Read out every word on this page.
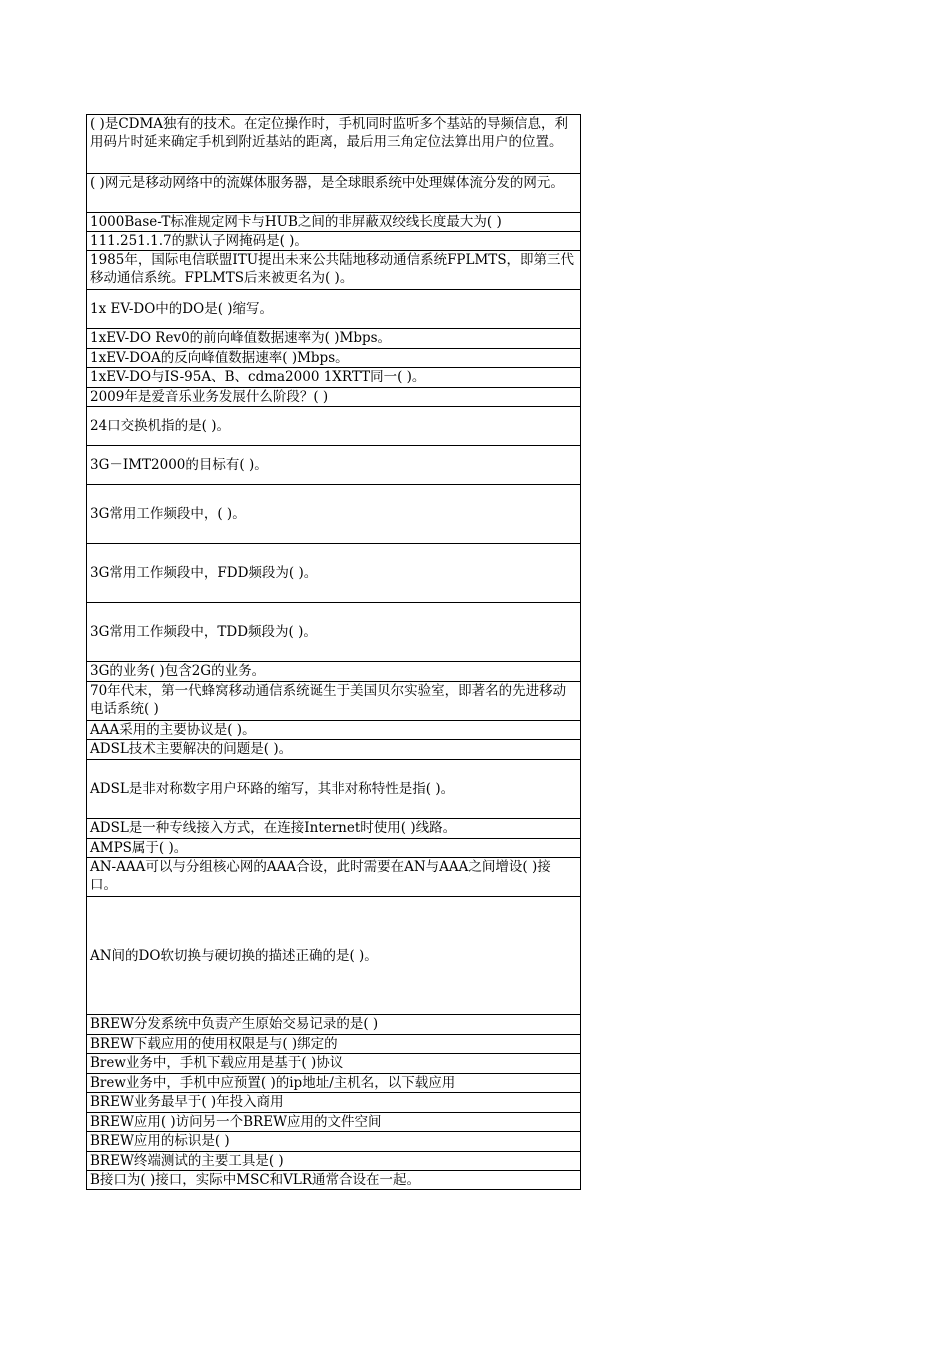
( )是CDMA独有的技术。在定位操作时，手机同时监听多个基站的导频信息，利用码片时延来确定手机到附近基站的距离，最后用三角定位法算出用户的位置。
( )网元是移动网络中的流媒体服务器，是全球眼系统中处理媒体流分发的网元。
1000Base-T标准规定网卡与HUB之间的非屏蔽双绞线长度最大为( )
111.251.1.7的默认子网掩码是( )。
1985年，国际电信联盟ITU提出未来公共陆地移动通信系统FPLMTS，即第三代移动通信系统。FPLMTS后来被更名为( )。
1x EV-DO中的DO是( )缩写。
1xEV-DO Rev0的前向峰值数据速率为( )Mbps。
1xEV-DOA的反向峰值数据速率( )Mbps。
1xEV-DO与IS-95A、B、cdma2000 1XRTT同一( )。
2009年是爱音乐业务发展什么阶段？( )
24口交换机指的是( )。
3G－IMT2000的目标有( )。
3G常用工作频段中，( )。
3G常用工作频段中，FDD频段为( )。
3G常用工作频段中，TDD频段为( )。
3G的业务( )包含2G的业务。
70年代末，第一代蜂窝移动通信系统诞生于美国贝尔实验室，即著名的先进移动电话系统( )
AAA采用的主要协议是( )。
ADSL技术主要解决的问题是( )。
ADSL是非对称数字用户环路的缩写，其非对称特性是指( )。
ADSL是一种专线接入方式，在连接Internet时使用( )线路。
AMPS属于( )。
AN-AAA可以与分组核心网的AAA合设，此时需要在AN与AAA之间增设( )接口。
AN间的DO软切换与硬切换的描述正确的是( )。
BREW分发系统中负责产生原始交易记录的是( )
BREW下载应用的使用权限是与( )绑定的
Brew业务中，手机下载应用是基于( )协议
Brew业务中，手机中应预置( )的ip地址/主机名，以下载应用
BREW业务最早于( )年投入商用
BREW应用( )访问另一个BREW应用的文件空间
BREW应用的标识是( )
BREW终端测试的主要工具是( )
B接口为( )接口，实际中MSC和VLR通常合设在一起。
